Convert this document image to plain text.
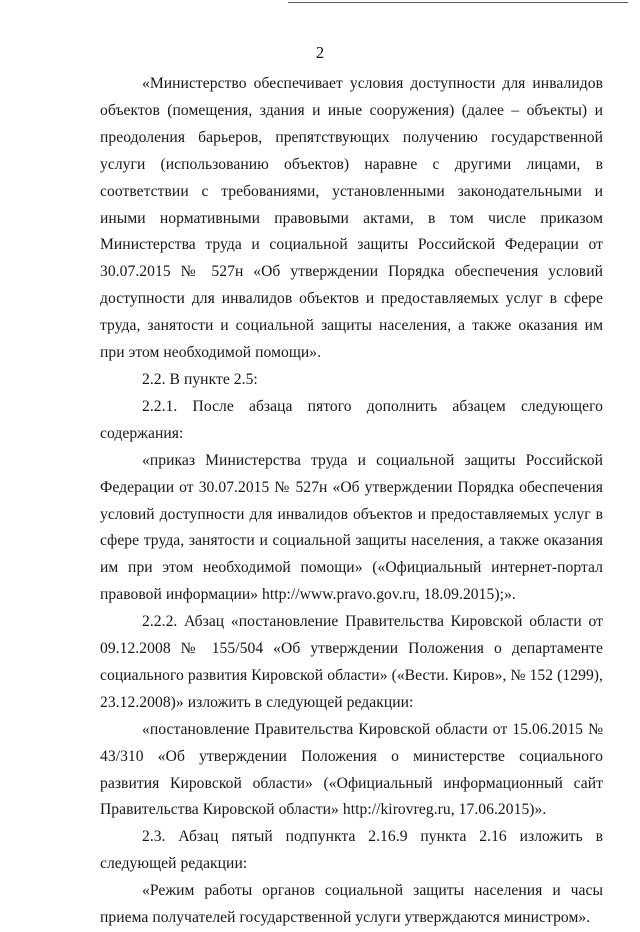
2

«Министерство обеспечивает условия доступности для инвалидов объектов (помещения, здания и иные сооружения) (далее – объекты) и преодоления барьеров, препятствующих получению государственной услуги (использованию объектов) наравне с другими лицами, в соответствии с требованиями, установленными законодательными и иными нормативными правовыми актами, в том числе приказом Министерства труда и социальной защиты Российской Федерации от 30.07.2015 № 527н «Об утверждении Порядка обеспечения условий доступности для инвалидов объектов и предоставляемых услуг в сфере труда, занятости и социальной защиты населения, а также оказания им при этом необходимой помощи».

2.2. В пункте 2.5:

2.2.1. После абзаца пятого дополнить абзацем следующего содержания:

«приказ Министерства труда и социальной защиты Российской Федерации от 30.07.2015 № 527н «Об утверждении Порядка обеспечения условий доступности для инвалидов объектов и предоставляемых услуг в сфере труда, занятости и социальной защиты населения, а также оказания им при этом необходимой помощи» («Официальный интернет-портал правовой информации» http://www.pravo.gov.ru, 18.09.2015);».

2.2.2. Абзац «постановление Правительства Кировской области от 09.12.2008 № 155/504 «Об утверждении Положения о департаменте социального развития Кировской области» («Вести. Киров», № 152 (1299), 23.12.2008)» изложить в следующей редакции:

«постановление Правительства Кировской области от 15.06.2015 № 43/310 «Об утверждении Положения о министерстве социального развития Кировской области» («Официальный информационный сайт Правительства Кировской области» http://kirovreg.ru, 17.06.2015)».

2.3. Абзац пятый подпункта 2.16.9 пункта 2.16 изложить в следующей редакции:

«Режим работы органов социальной защиты населения и часы приема получателей государственной услуги утверждаются министром».
